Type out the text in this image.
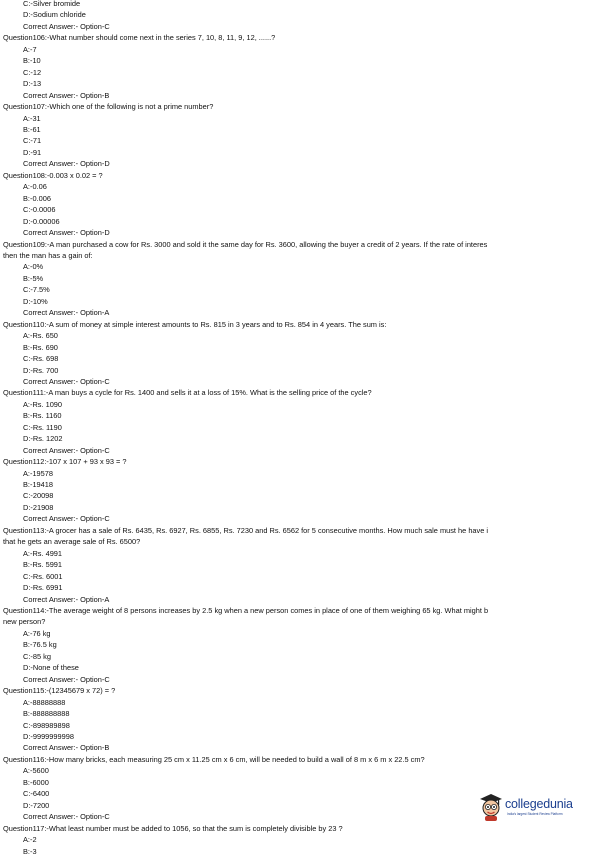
C:-Silver bromide
D:-Sodium chloride
Correct Answer:- Option-C
Question106:-What number should come next in the series 7, 10, 8, 11, 9, 12, ......?
A:-7
B:-10
C:-12
D:-13
Correct Answer:- Option-B
Question107:-Which one of the following is not a prime number?
A:-31
B:-61
C:-71
D:-91
Correct Answer:- Option-D
Question108:-0.003 x 0.02 = ?
A:-0.06
B:-0.006
C:-0.0006
D:-0.00006
Correct Answer:- Option-D
Question109:-A man purchased a cow for Rs. 3000 and sold it the same day for Rs. 3600, allowing the buyer a credit of 2 years. If the rate of interes
then the man has a gain of:
A:-0%
B:-5%
C:-7.5%
D:-10%
Correct Answer:- Option-A
Question110:-A sum of money at simple interest amounts to Rs. 815 in 3 years and to Rs. 854 in 4 years. The sum is:
A:-Rs. 650
B:-Rs. 690
C:-Rs. 698
D:-Rs. 700
Correct Answer:- Option-C
Question111:-A man buys a cycle for Rs. 1400 and sells it at a loss of 15%. What is the selling price of the cycle?
A:-Rs. 1090
B:-Rs. 1160
C:-Rs. 1190
D:-Rs. 1202
Correct Answer:- Option-C
Question112:-107 x 107 + 93 x 93 = ?
A:-19578
B:-19418
C:-20098
D:-21908
Correct Answer:- Option-C
Question113:-A grocer has a sale of Rs. 6435, Rs. 6927, Rs. 6855, Rs. 7230 and Rs. 6562 for 5 consecutive months. How much sale must he have i
that he gets an average sale of Rs. 6500?
A:-Rs. 4991
B:-Rs. 5991
C:-Rs. 6001
D:-Rs. 6991
Correct Answer:- Option-A
Question114:-The average weight of 8 persons increases by 2.5 kg when a new person comes in place of one of them weighing 65 kg. What might b
new person?
A:-76 kg
B:-76.5 kg
C:-85 kg
D:-None of these
Correct Answer:- Option-C
Question115:-(12345679 x 72) = ?
A:-88888888
B:-888888888
C:-898989898
D:-9999999998
Correct Answer:- Option-B
Question116:-How many bricks, each measuring 25 cm x 11.25 cm x 6 cm, will be needed to build a wall of 8 m x 6 m x 22.5 cm?
A:-5600
B:-6000
C:-6400
D:-7200
Correct Answer:- Option-C
Question117:-What least number must be added to 1056, so that the sum is completely divisible by 23 ?
A:-2
B:-3
collegedunia
India's largest Student Review Platform
